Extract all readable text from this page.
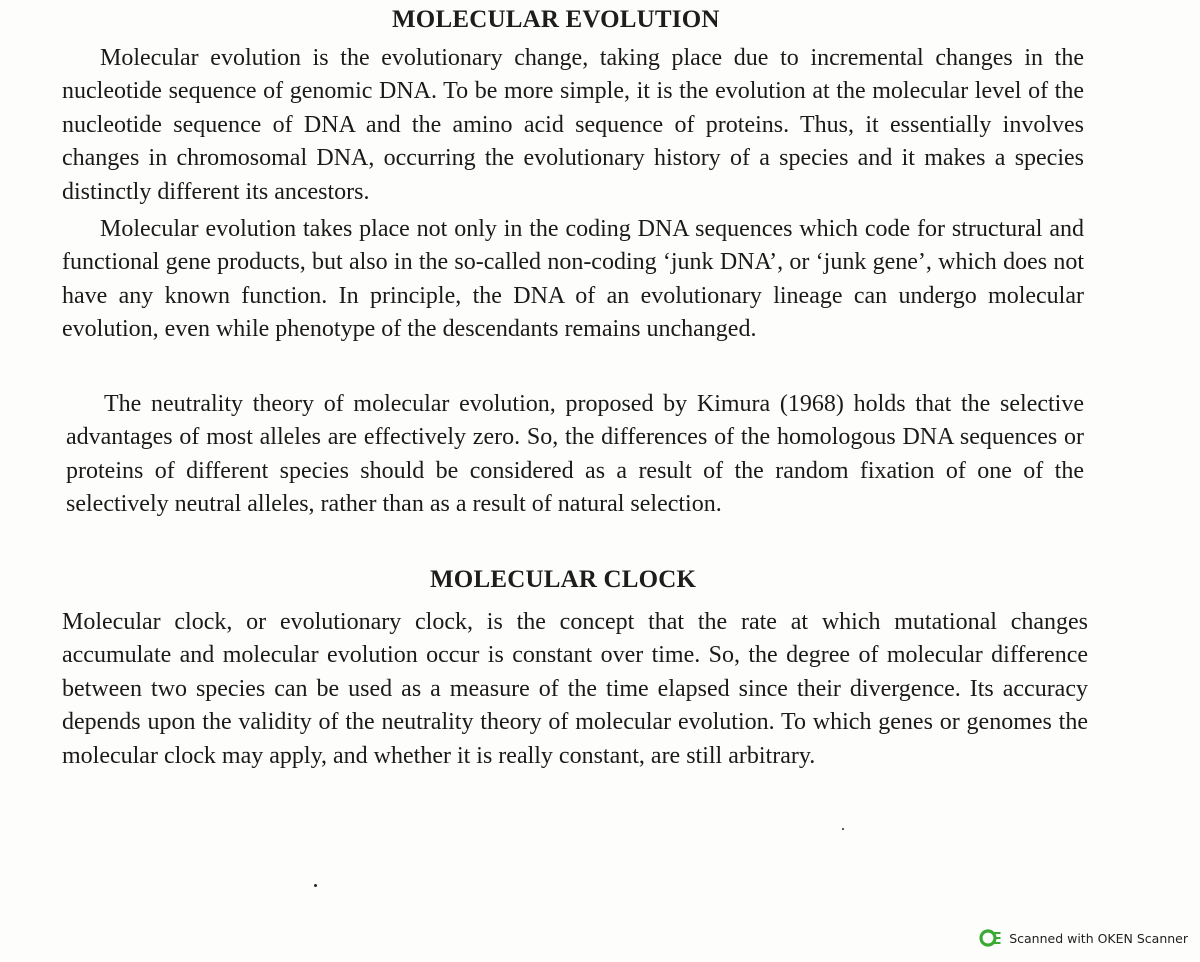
MOLECULAR EVOLUTION

Molecular evolution is the evolutionary change, taking place due to incremental changes in the nucleotide sequence of genomic DNA. To be more simple, it is the evolution at the molecular level of the nucleotide sequence of DNA and the amino acid sequence of proteins. Thus, it essentially involves changes in chromosomal DNA, occurring the evolutionary history of a species and it makes a species distinctly different its ancestors.

Molecular evolution takes place not only in the coding DNA sequences which code for structural and functional gene products, but also in the so-called non-coding ‘junk DNA’, or ‘junk gene’, which does not have any known function. In principle, the DNA of an evolutionary lineage can undergo molecular evolution, even while phenotype of the descendants remains unchanged.

The neutrality theory of molecular evolution, proposed by Kimura (1968) holds that the selective advantages of most alleles are effectively zero. So, the differences of the homologous DNA sequences or proteins of different species should be considered as a result of the random fixation of one of the selectively neutral alleles, rather than as a result of natural selection.

MOLECULAR CLOCK

Molecular clock, or evolutionary clock, is the concept that the rate at which mutational changes accumulate and molecular evolution occur is constant over time. So, the degree of molecular difference between two species can be used as a measure of the time elapsed since their divergence. Its accuracy depends upon the validity of the neutrality theory of molecular evolution. To which genes or genomes the molecular clock may apply, and whether it is really constant, are still arbitrary.

Scanned with OKEN Scanner
